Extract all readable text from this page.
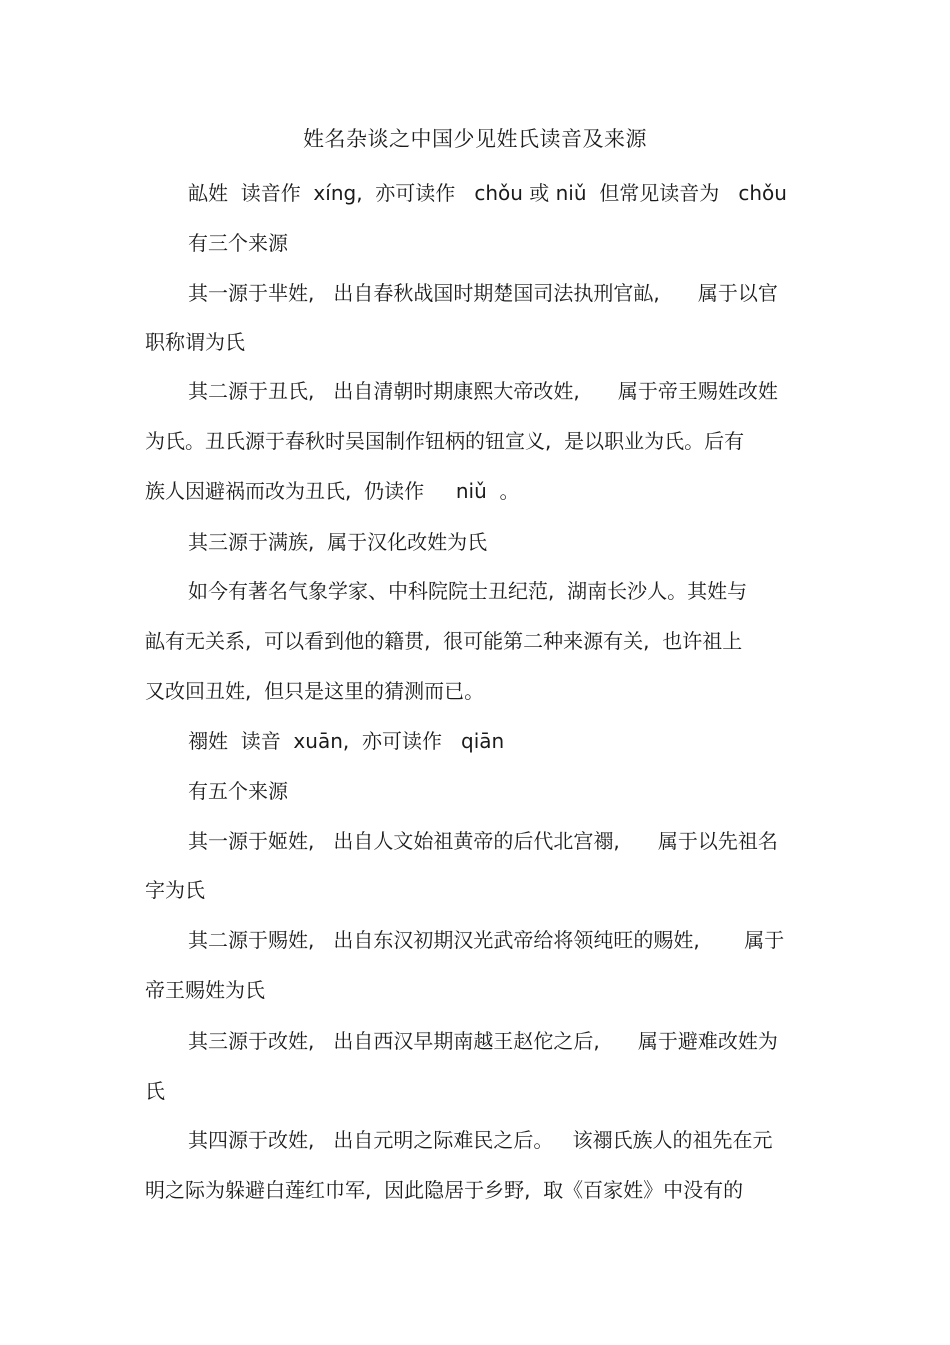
姓名杂谈之中国少见姓氏读音及来源
畆姓  读音作  xíng,  亦可读作   chǒu 或 niǔ  但常见读音为   chǒu
有三个来源
其一源于芈姓,   出自春秋战国时期楚国司法执刑官畆,      属于以官
职称谓为氏
其二源于丑氏,   出自清朝时期康熙大帝改姓,      属于帝王赐姓改姓
为氏。丑氏源于春秋时吴国制作钮柄的钮宣义,  是以职业为氏。后有
族人因避祸而改为丑氏,  仍读作     niǔ  。
其三源于满族,  属于汉化改姓为氏
如今有著名气象学家、中科院院士丑纪范,  湖南长沙人。其姓与
畆有无关系,  可以看到他的籍贯,  很可能第二种来源有关,  也许祖上
又改回丑姓,  但只是这里的猜测而已。
禤姓  读音  xuān,  亦可读作   qiān
有五个来源
其一源于姬姓,   出自人文始祖黄帝的后代北宫禤,      属于以先祖名
字为氏
其二源于赐姓,   出自东汉初期汉光武帝给将领纯旺的赐姓,       属于
帝王赐姓为氏
其三源于改姓,   出自西汉早期南越王赵佗之后,      属于避难改姓为
氏
其四源于改姓,   出自元明之际难民之后。   该禤氏族人的祖先在元
明之际为躲避白莲红巾军,  因此隐居于乡野,  取《百家姓》中没有的
